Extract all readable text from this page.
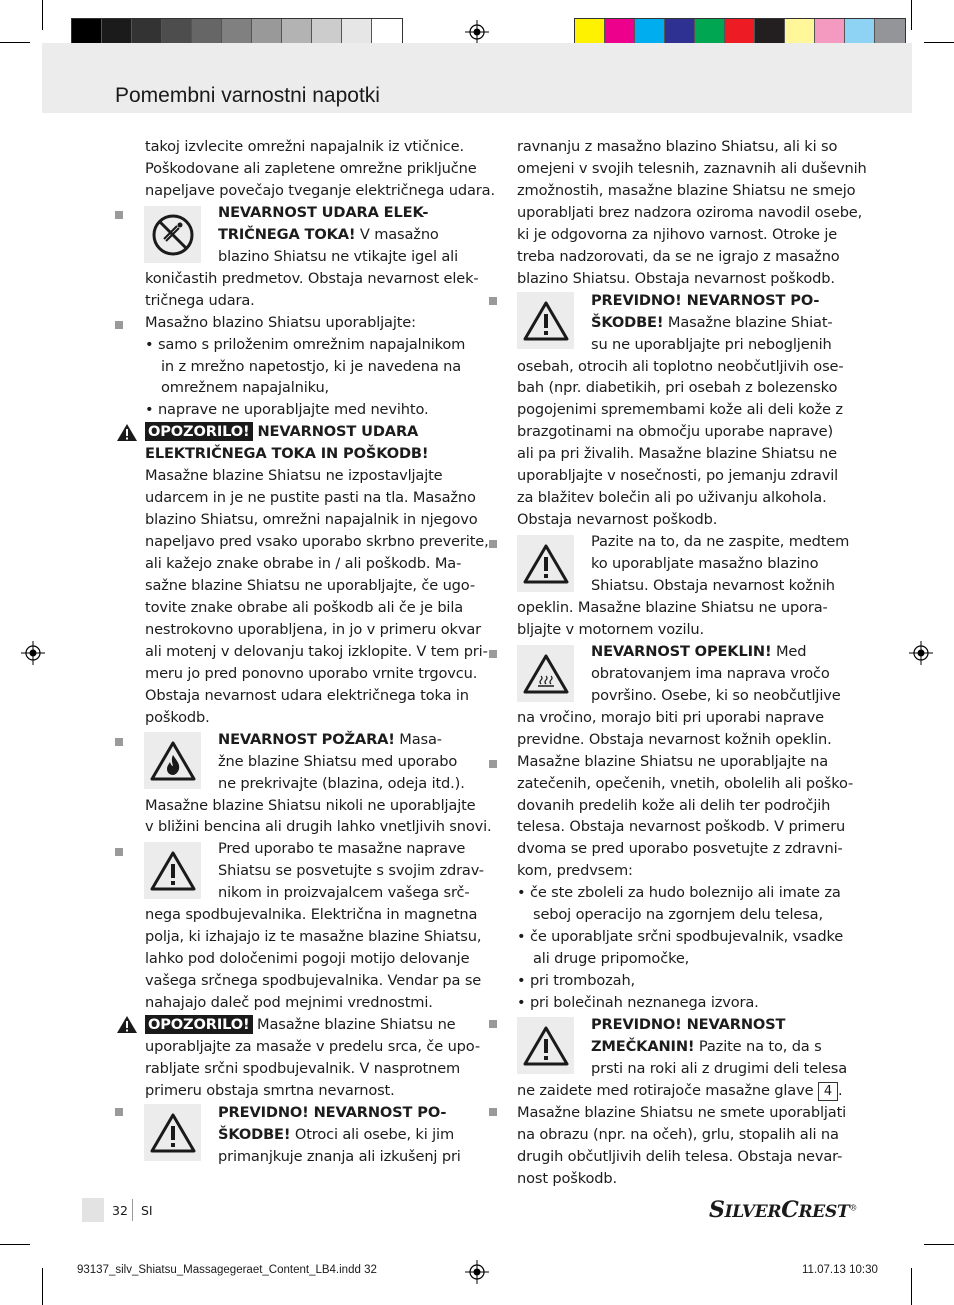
Pomembni varnostni napotki
takoj izvlecite omrežni napajalnik iz vtičnice.
Poškodovane ali zapletene omrežne priključne
napeljave povečajo tveganje električnega udara.
NEVARNOST UDARA ELEK-
TRIČNEGA TOKA! V masažno
blazino Shiatsu ne vtikajte igel ali
koničastih predmetov. Obstaja nevarnost elek-
tričnega udara.
Masažno blazino Shiatsu uporabljajte:
• samo s priloženim omrežnim napajalnikom
in z mrežno napetostjo, ki je navedena na
omrežnem napajalniku,
• naprave ne uporabljajte med nevihto.
OPOZORILO! NEVARNOST UDARA
ELEKTRIČNEGA TOKA IN POŠKODB!
Masažne blazine Shiatsu ne izpostavljajte
udarcem in je ne pustite pasti na tla. Masažno
blazino Shiatsu, omrežni napajalnik in njegovo
napeljavo pred vsako uporabo skrbno preverite,
ali kažejo znake obrabe in / ali poškodb. Ma-
sažne blazine Shiatsu ne uporabljajte, če ugo-
tovite znake obrabe ali poškodb ali če je bila
nestrokovno uporabljena, in jo v primeru okvar
ali motenj v delovanju takoj izklopite. V tem pri-
meru jo pred ponovno uporabo vrnite trgovcu.
Obstaja nevarnost udara električnega toka in
poškodb.
NEVARNOST POŽARA! Masa-
žne blazine Shiatsu med uporabo
ne prekrivajte (blazina, odeja itd.).
Masažne blazine Shiatsu nikoli ne uporabljajte
v bližini bencina ali drugih lahko vnetljivih snovi.
Pred uporabo te masažne naprave
Shiatsu se posvetujte s svojim zdrav-
nikom in proizvajalcem vašega srč-
nega spodbujevalnika. Električna in magnetna
polja, ki izhajajo iz te masažne blazine Shiatsu,
lahko pod določenimi pogoji motijo delovanje
vašega srčnega spodbujevalnika. Vendar pa se
nahajajo daleč pod mejnimi vrednostmi.
OPOZORILO! Masažne blazine Shiatsu ne
uporabljajte za masaže v predelu srca, če upo-
rabljate srčni spodbujevalnik. V nasprotnem
primeru obstaja smrtna nevarnost.
PREVIDNO! NEVARNOST PO-
ŠKODBE! Otroci ali osebe, ki jim
primanjkuje znanja ali izkušenj pri
ravnanju z masažno blazino Shiatsu, ali ki so
omejeni v svojih telesnih, zaznavnih ali duševnih
zmožnostih, masažne blazine Shiatsu ne smejo
uporabljati brez nadzora oziroma navodil osebe,
ki je odgovorna za njihovo varnost. Otroke je
treba nadzorovati, da se ne igrajo z masažno
blazino Shiatsu. Obstaja nevarnost poškodb.
PREVIDNO! NEVARNOST PO-
ŠKODBE! Masažne blazine Shiat-
su ne uporabljajte pri nebogljenih
osebah, otrocih ali toplotno neobčutljivih ose-
bah (npr. diabetikih, pri osebah z bolezensko
pogojenimi spremembami kože ali deli kože z
brazgotinami na območju uporabe naprave)
ali pa pri živalih. Masažne blazine Shiatsu ne
uporabljajte v nosečnosti, po jemanju zdravil
za blažitev bolečin ali po uživanju alkohola.
Obstaja nevarnost poškodb.
Pazite na to, da ne zaspite, medtem
ko uporabljate masažno blazino
Shiatsu. Obstaja nevarnost kožnih
opeklin. Masažne blazine Shiatsu ne upora-
bljajte v motornem vozilu.
NEVARNOST OPEKLIN! Med
obratovanjem ima naprava vročo
površino. Osebe, ki so neobčutljive
na vročino, morajo biti pri uporabi naprave
previdne. Obstaja nevarnost kožnih opeklin.
Masažne blazine Shiatsu ne uporabljajte na
zatečenih, opečenih, vnetih, obolelih ali poško-
dovanih predelih kože ali delih ter področjih
telesa. Obstaja nevarnost poškodb. V primeru
dvoma se pred uporabo posvetujte z zdravni-
kom, predvsem:
• če ste zboleli za hudo boleznijo ali imate za
seboj operacijo na zgornjem delu telesa,
• če uporabljate srčni spodbujevalnik, vsadke
ali druge pripomočke,
• pri trombozah,
• pri bolečinah neznanega izvora.
PREVIDNO! NEVARNOST
ZMEČKANIN! Pazite na to, da s
prsti na roki ali z drugimi deli telesa
ne zaidete med rotirajoče masažne glave 4 .
Masažne blazine Shiatsu ne smete uporabljati
na obrazu (npr. na očeh), grlu, stopalih ali na
drugih občutljivih delih telesa. Obstaja nevar-
nost poškodb.
32 SI	SILVERCREST®
93137_silv_Shiatsu_Massagegeraet_Content_LB4.indd 32	11.07.13 10:30
